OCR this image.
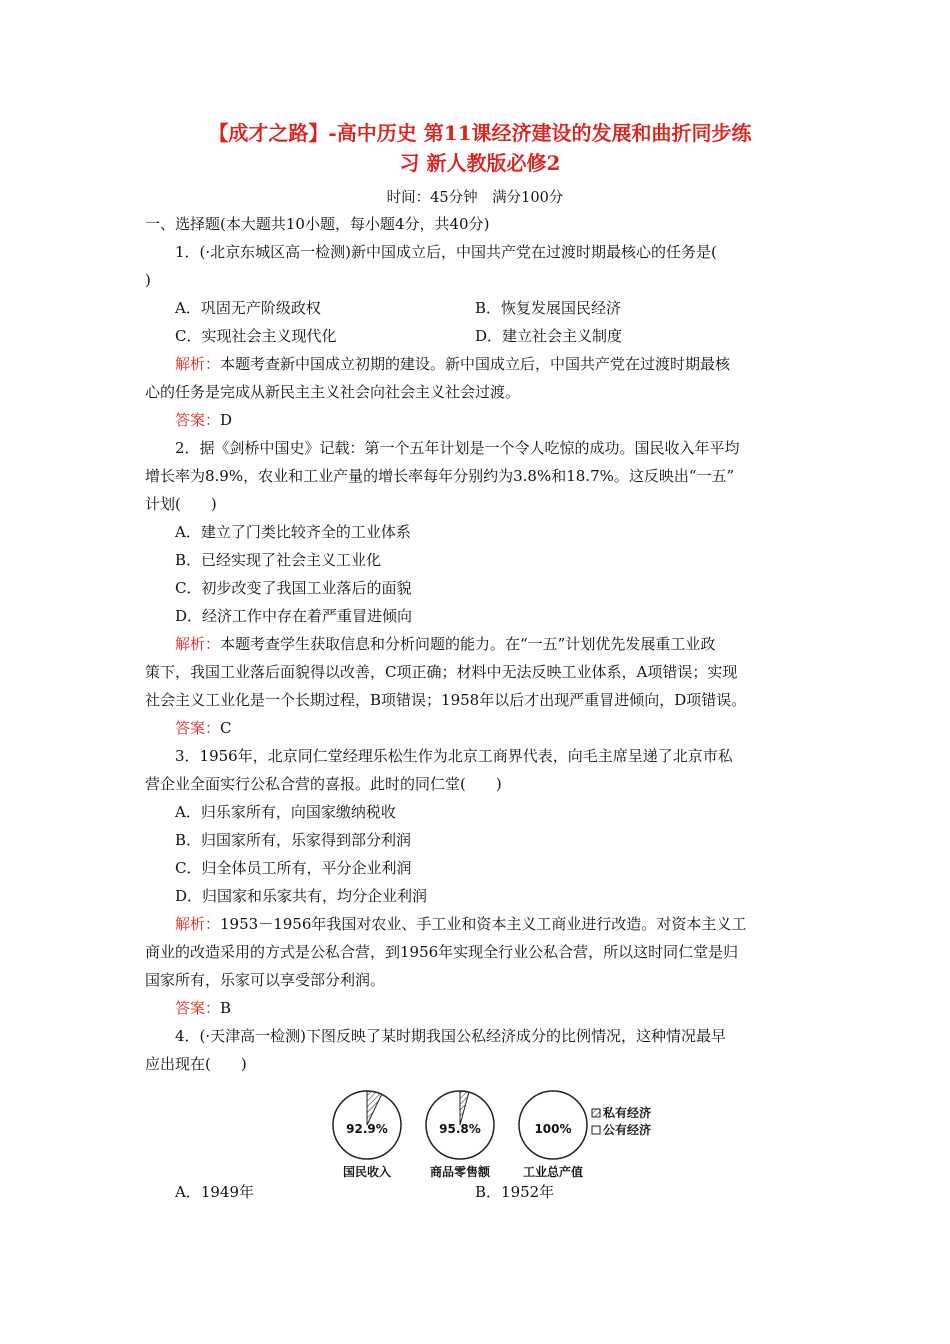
【成才之路】-高中历史 第11课经济建设的发展和曲折同步练
习 新人教版必修2
时间：45分钟　满分100分
一、选择题(本大题共10小题，每小题4分，共40分)
1．(·北京东城区高一检测)新中国成立后，中国共产党在过渡时期最核心的任务是(
)
A．巩固无产阶级政权	B．恢复发展国民经济
C．实现社会主义现代化	D．建立社会主义制度
解析：本题考查新中国成立初期的建设。新中国成立后，中国共产党在过渡时期最核
心的任务是完成从新民主主义社会向社会主义社会过渡。
答案：D
2．据《剑桥中国史》记载：第一个五年计划是一个令人吃惊的成功。国民收入年平均
增长率为8.9%，农业和工业产量的增长率每年分别约为3.8%和18.7%。这反映出“一五”
计划(　　)
A．建立了门类比较齐全的工业体系
B．已经实现了社会主义工业化
C．初步改变了我国工业落后的面貌
D．经济工作中存在着严重冒进倾向
解析：本题考查学生获取信息和分析问题的能力。在“一五”计划优先发展重工业政
策下，我国工业落后面貌得以改善，C项正确；材料中无法反映工业体系，A项错误；实现
社会主义工业化是一个长期过程，B项错误；1958年以后才出现严重冒进倾向，D项错误。
答案：C
3．1956年，北京同仁堂经理乐松生作为北京工商界代表，向毛主席呈递了北京市私
营企业全面实行公私合营的喜报。此时的同仁堂(　　)
A．归乐家所有，向国家缴纳税收
B．归国家所有，乐家得到部分利润
C．归全体员工所有，平分企业利润
D．归国家和乐家共有，均分企业利润
解析：1953－1956年我国对农业、手工业和资本主义工商业进行改造。对资本主义工
商业的改造采用的方式是公私合营，到1956年实现全行业公私合营，所以这时同仁堂是归
国家所有，乐家可以享受部分利润。
答案：B
4．(·天津高一检测)下图反映了某时期我国公私经济成分的比例情况，这种情况最早
应出现在(　　)
92.9%
国民收入
95.8%
商品零售额
100%
工业总产值
私有经济
公有经济
A．1949年	B．1952年
